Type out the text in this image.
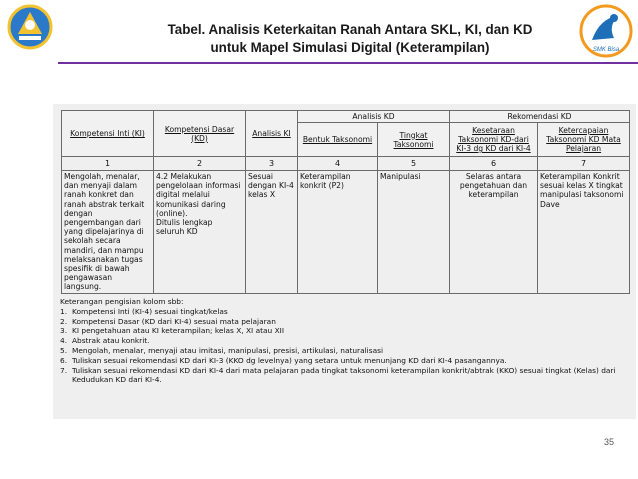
Tabel. Analisis Keterkaitan Ranah Antara SKL, KI, dan KD
untuk Mapel Simulasi Digital (Keterampilan)	SMK Bisa
Kompetensi Inti (KI)	Kompetensi Dasar (KD)	Analisis KI	Analisis KD		Rekomendasi KD	
			Bentuk Taksonomi	Tingkat Taksonomi	Kesetaraan Taksonomi KD-dari KI-3 dg KD dari KI-4	Ketercapaian Taksonomi KD Mata Pelajaran
1	2	3	4	5	6	7
Mengolah, menalar, dan menyaji dalam ranah konkret dan ranah abstrak terkait dengan pengembangan dari yang dipelajarinya di sekolah secara mandiri, dan mampu melaksanakan tugas spesifik di bawah pengawasan langsung.	4.2 Melakukan pengelolaan informasi digital melalui komunikasi daring (online).
Ditulis lengkap seluruh KD	Sesuai dengan KI-4 kelas X	Keterampilan konkrit (P2)	Manipulasi	Selaras antara pengetahuan dan keterampilan	Keterampilan Konkrit sesuai kelas X tingkat manipulasi taksonomi Dave
Keterangan pengisian kolom sbb:
1. Kompetensi Inti (KI-4) sesuai tingkat/kelas
2. Kompetensi Dasar (KD dari KI-4) sesuai mata pelajaran
3. KI pengetahuan atau KI keterampilan; kelas X, XI atau XII
4. Abstrak atau konkrit.
5. Mengolah, menalar, menyaji atau imitasi, manipulasi, presisi, artikulasi, naturalisasi
6. Tuliskan sesuai rekomendasi KD dari KI-3 (KKO dg levelnya) yang setara untuk menunjang KD dari KI-4 pasangannya.
7. Tuliskan sesuai rekomendasi KD dari KI-4 dari mata pelajaran pada tingkat taksonomi keterampilan konkrit/abtrak (KKO) sesuai tingkat (Kelas) dari Kedudukan KD dari KI-4.
35
